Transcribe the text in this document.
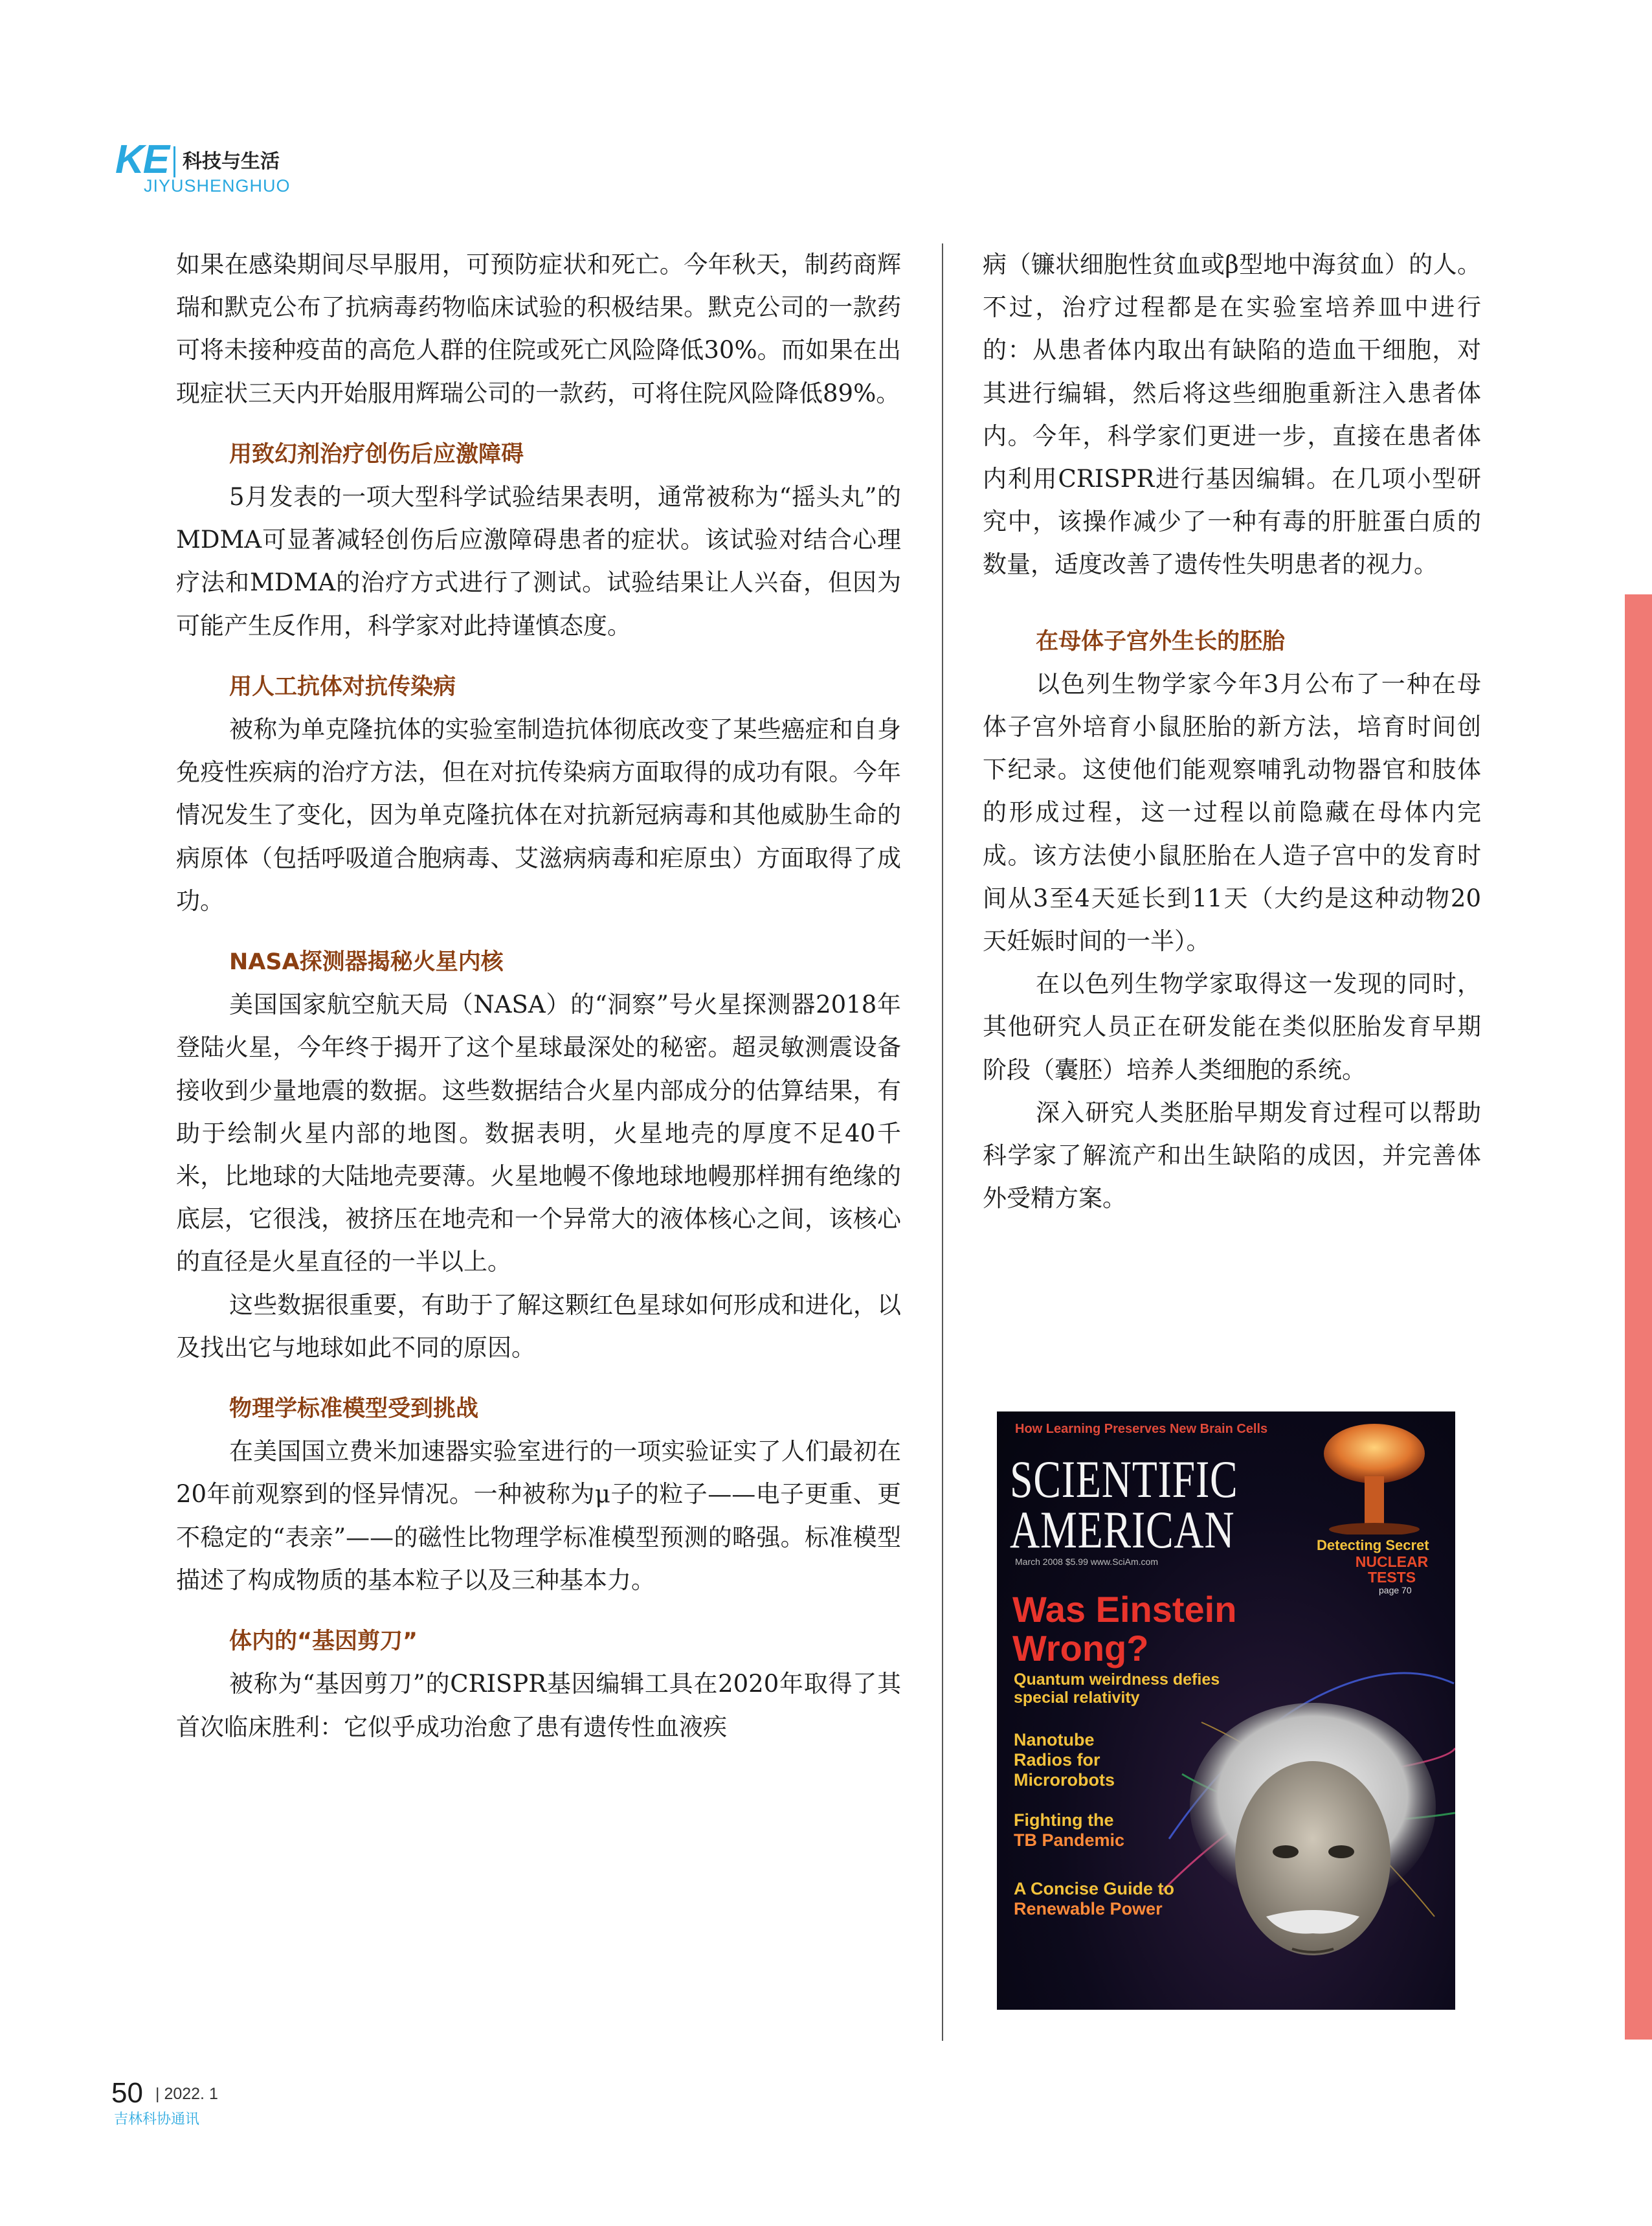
KE 科技与生活
JIYUSHENGHUO

如果在感染期间尽早服用，可预防症状和死亡。今年秋天，制药商辉瑞和默克公布了抗病毒药物临床试验的积极结果。默克公司的一款药可将未接种疫苗的高危人群的住院或死亡风险降低30%。而如果在出现症状三天内开始服用辉瑞公司的一款药，可将住院风险降低89%。

用致幻剂治疗创伤后应激障碍

5月发表的一项大型科学试验结果表明，通常被称为“摇头丸”的MDMA可显著减轻创伤后应激障碍患者的症状。该试验对结合心理疗法和MDMA的治疗方式进行了测试。试验结果让人兴奋，但因为可能产生反作用，科学家对此持谨慎态度。

用人工抗体对抗传染病

被称为单克隆抗体的实验室制造抗体彻底改变了某些癌症和自身免疫性疾病的治疗方法，但在对抗传染病方面取得的成功有限。今年情况发生了变化，因为单克隆抗体在对抗新冠病毒和其他威胁生命的病原体（包括呼吸道合胞病毒、艾滋病病毒和疟原虫）方面取得了成功。

NASA探测器揭秘火星内核

美国国家航空航天局（NASA）的“洞察”号火星探测器2018年登陆火星，今年终于揭开了这个星球最深处的秘密。超灵敏测震设备接收到少量地震的数据。这些数据结合火星内部成分的估算结果，有助于绘制火星内部的地图。数据表明，火星地壳的厚度不足40千米，比地球的大陆地壳要薄。火星地幔不像地球地幔那样拥有绝缘的底层，它很浅，被挤压在地壳和一个异常大的液体核心之间，该核心的直径是火星直径的一半以上。

这些数据很重要，有助于了解这颗红色星球如何形成和进化，以及找出它与地球如此不同的原因。

物理学标准模型受到挑战

在美国国立费米加速器实验室进行的一项实验证实了人们最初在20年前观察到的怪异情况。一种被称为μ子的粒子——电子更重、更不稳定的“表亲”——的磁性比物理学标准模型预测的略强。标准模型描述了构成物质的基本粒子以及三种基本力。

体内的“基因剪刀”

被称为“基因剪刀”的CRISPR基因编辑工具在2020年取得了其首次临床胜利：它似乎成功治愈了患有遗传性血液疾

病（镰状细胞性贫血或β型地中海贫血）的人。不过，治疗过程都是在实验室培养皿中进行的：从患者体内取出有缺陷的造血干细胞，对其进行编辑，然后将这些细胞重新注入患者体内。今年，科学家们更进一步，直接在患者体内利用CRISPR进行基因编辑。在几项小型研究中，该操作减少了一种有毒的肝脏蛋白质的数量，适度改善了遗传性失明患者的视力。

在母体子宫外生长的胚胎

以色列生物学家今年3月公布了一种在母体子宫外培育小鼠胚胎的新方法，培育时间创下纪录。这使他们能观察哺乳动物器官和肢体的形成过程，这一过程以前隐藏在母体内完成。该方法使小鼠胚胎在人造子宫中的发育时间从3至4天延长到11天（大约是这种动物20天妊娠时间的一半）。

在以色列生物学家取得这一发现的同时，其他研究人员正在研发能在类似胚胎发育早期阶段（囊胚）培养人类细胞的系统。

深入研究人类胚胎早期发育过程可以帮助科学家了解流产和出生缺陷的成因，并完善体外受精方案。

How Learning Preserves New Brain Cells
SCIENTIFIC AMERICAN
March 2008 $5.99 www.SciAm.com
Detecting Secret
NUCLEAR TESTS
page 70
Was Einstein Wrong?
Quantum weirdness defies special relativity
Nanotube Radios for Microrobots
Fighting the
TB Pandemic
A Concise Guide to
Renewable Power
50 | 2022. 1
吉林科协通讯
